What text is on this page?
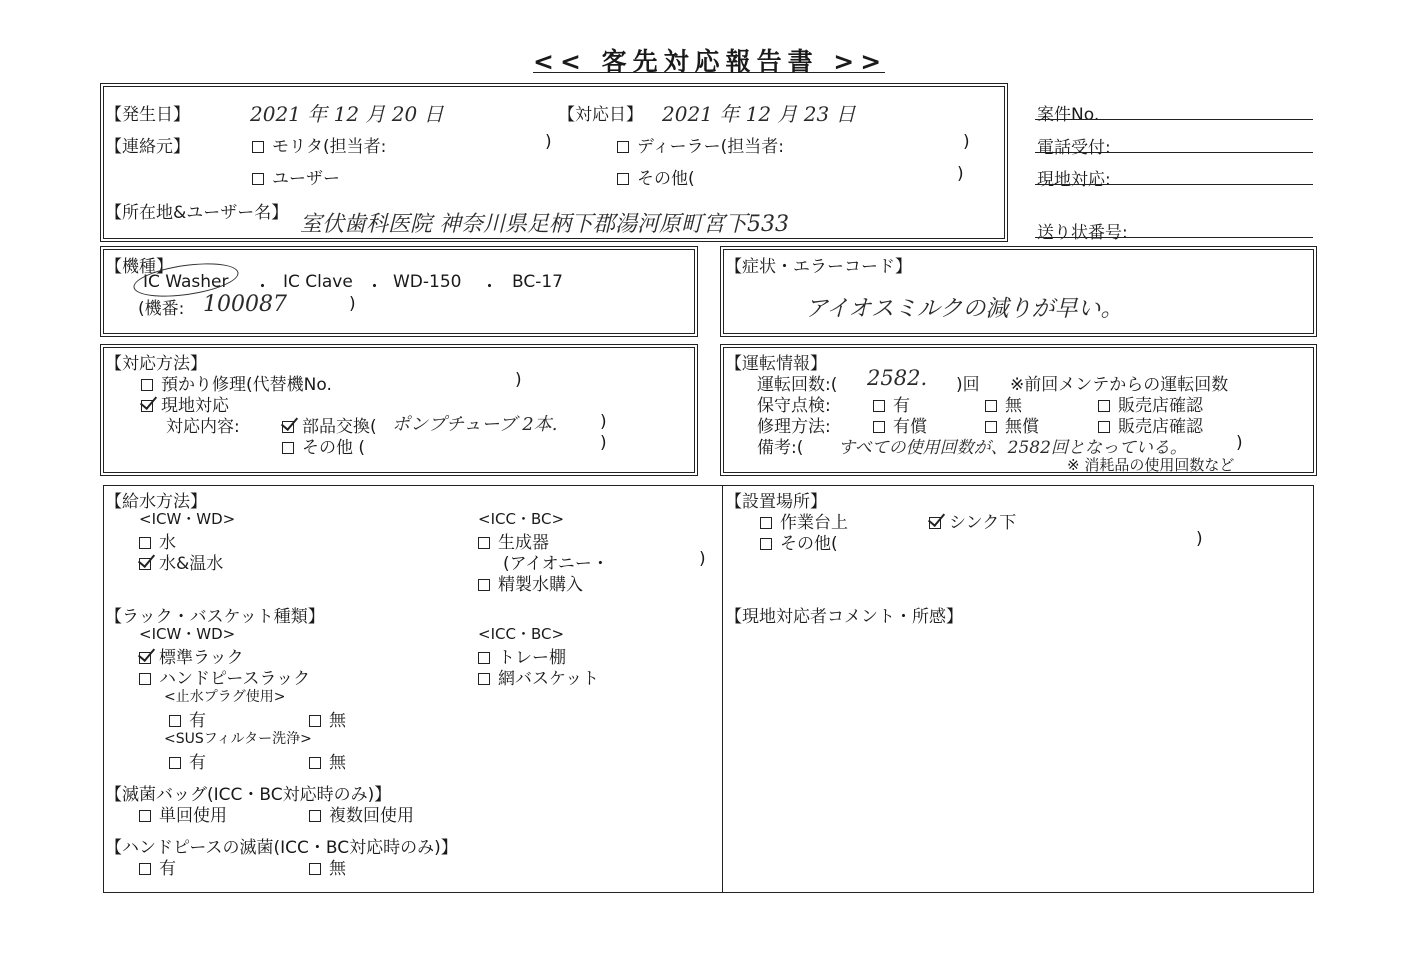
<< 客先対応報告書 >>
【発生日】	2021 年 12 月 20 日	【対応日】 2021 年 12 月 23 日
【連絡元】	モリタ(担当者:	)	ディーラー(担当者:	)
ユーザー	その他(	)
【所在地&ユーザー名】 室伏歯科医院 神奈川県足柄下郡湯河原町宮下533
案件No.
電話受付:
現地対応:
送り状番号:
【機種】
IC Washer ・ IC Clave ・ WD-150 ・ BC-17
(機番: 100087	)
【症状・エラーコード】
アイオスミルクの減りが早い。
【対応方法】
預かり修理(代替機No.	)
現地対応
対応内容:	部品交換( ポンプチューブ 2本.	)
その他 (	)
【運転情報】
運転回数:( 2582. )回 ※前回メンテからの運転回数
保守点検:	有	無	販売店確認
修理方法:	有償	無償	販売店確認
備考:( すべての使用回数が、2582回となっている。	)
※ 消耗品の使用回数など
【給水方法】
<ICW・WD>
水
水&温水
<ICC・BC>
生成器
(アイオニー・	)
精製水購入
【設置場所】
作業台上	シンク下
その他(	)
【ラック・バスケット種類】
<ICW・WD>
標準ラック
ハンドピースラック
<止水プラグ使用>
有	無
<SUSフィルター洗浄>
有	無
<ICC・BC>
トレー棚
網バスケット
【現地対応者コメント・所感】
【滅菌バッグ(ICC・BC対応時のみ)】
単回使用	複数回使用
【ハンドピースの滅菌(ICC・BC対応時のみ)】
有	無
